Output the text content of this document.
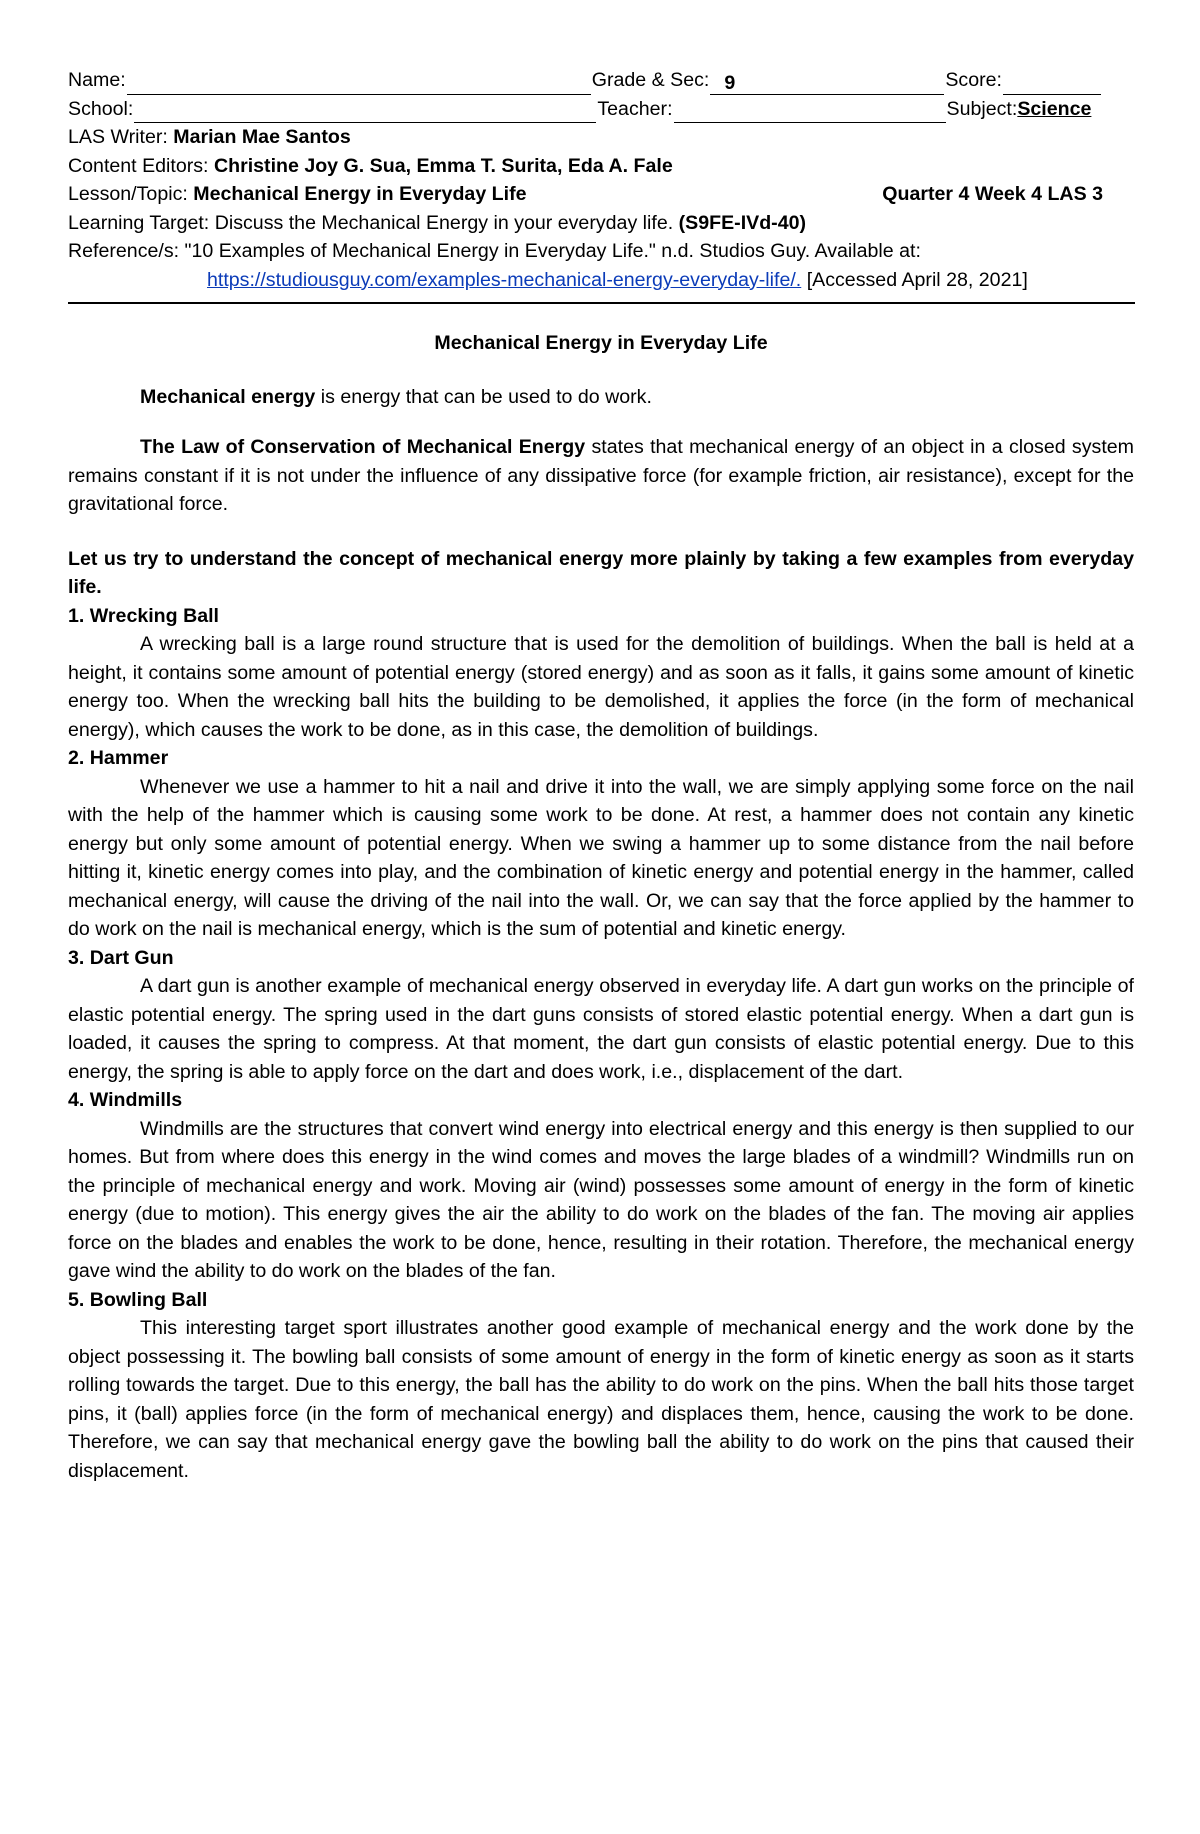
Name:	Grade & Sec: 9	Score:
School:	Teacher:	Subject: Science
LAS Writer: Marian Mae Santos
Content Editors: Christine Joy G. Sua, Emma T. Surita, Eda A. Fale
Lesson/Topic: Mechanical Energy in Everyday Life	Quarter 4 Week 4 LAS 3
Learning Target: Discuss the Mechanical Energy in your everyday life. (S9FE-IVd-40)
Reference/s: "10 Examples of Mechanical Energy in Everyday Life." n.d. Studios Guy. Available at:
https://studiousguy.com/examples-mechanical-energy-everyday-life/. [Accessed April 28, 2021]
Mechanical Energy in Everyday Life

Mechanical energy is energy that can be used to do work.

The Law of Conservation of Mechanical Energy states that mechanical energy of an object in a closed system remains constant if it is not under the influence of any dissipative force (for example friction, air resistance), except for the gravitational force.

Let us try to understand the concept of mechanical energy more plainly by taking a few examples from everyday life.

1. Wrecking Ball

A wrecking ball is a large round structure that is used for the demolition of buildings. When the ball is held at a height, it contains some amount of potential energy (stored energy) and as soon as it falls, it gains some amount of kinetic energy too. When the wrecking ball hits the building to be demolished, it applies the force (in the form of mechanical energy), which causes the work to be done, as in this case, the demolition of buildings.

2. Hammer

Whenever we use a hammer to hit a nail and drive it into the wall, we are simply applying some force on the nail with the help of the hammer which is causing some work to be done. At rest, a hammer does not contain any kinetic energy but only some amount of potential energy. When we swing a hammer up to some distance from the nail before hitting it, kinetic energy comes into play, and the combination of kinetic energy and potential energy in the hammer, called mechanical energy, will cause the driving of the nail into the wall. Or, we can say that the force applied by the hammer to do work on the nail is mechanical energy, which is the sum of potential and kinetic energy.

3. Dart Gun

A dart gun is another example of mechanical energy observed in everyday life. A dart gun works on the principle of elastic potential energy. The spring used in the dart guns consists of stored elastic potential energy. When a dart gun is loaded, it causes the spring to compress. At that moment, the dart gun consists of elastic potential energy. Due to this energy, the spring is able to apply force on the dart and does work, i.e., displacement of the dart.

4. Windmills

Windmills are the structures that convert wind energy into electrical energy and this energy is then supplied to our homes. But from where does this energy in the wind comes and moves the large blades of a windmill? Windmills run on the principle of mechanical energy and work. Moving air (wind) possesses some amount of energy in the form of kinetic energy (due to motion). This energy gives the air the ability to do work on the blades of the fan. The moving air applies force on the blades and enables the work to be done, hence, resulting in their rotation. Therefore, the mechanical energy gave wind the ability to do work on the blades of the fan.

5. Bowling Ball

This interesting target sport illustrates another good example of mechanical energy and the work done by the object possessing it. The bowling ball consists of some amount of energy in the form of kinetic energy as soon as it starts rolling towards the target. Due to this energy, the ball has the ability to do work on the pins. When the ball hits those target pins, it (ball) applies force (in the form of mechanical energy) and displaces them, hence, causing the work to be done. Therefore, we can say that mechanical energy gave the bowling ball the ability to do work on the pins that caused their displacement.
